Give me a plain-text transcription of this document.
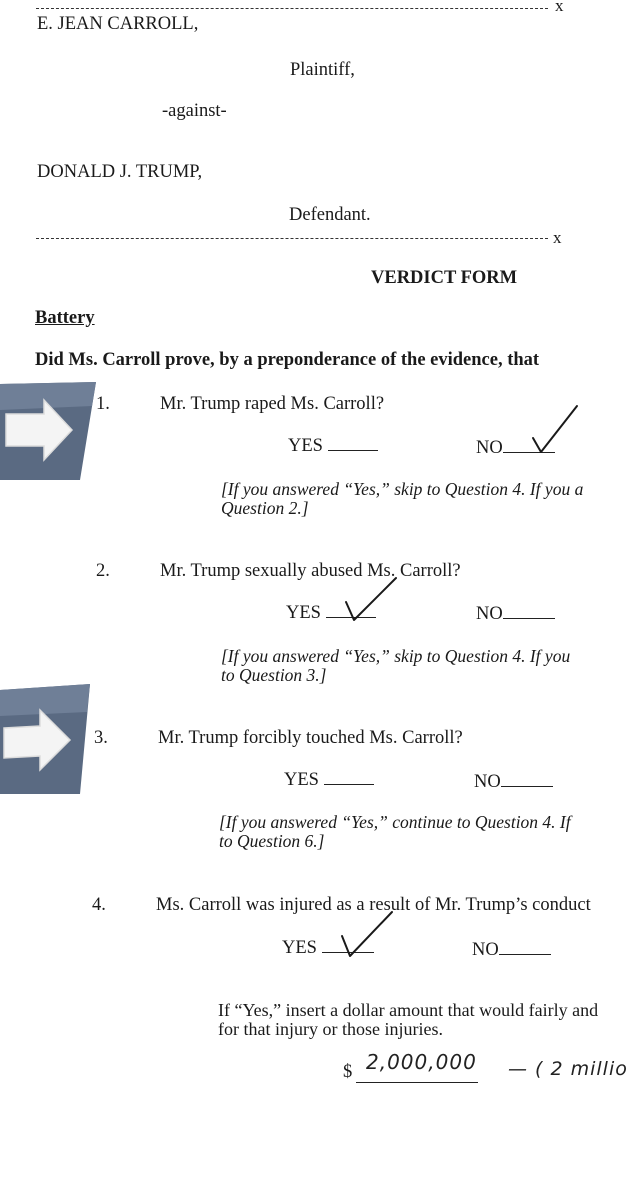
x
E. JEAN CARROLL,
Plaintiff,
-against-
DONALD J. TRUMP,
Defendant.
x
VERDICT FORM
Battery
Did Ms. Carroll prove, by a preponderance of the evidence, that
1.	Mr. Trump raped Ms. Carroll?
YES	NO
[If you answered “Yes,” skip to Question 4. If you a
Question 2.]
2.	Mr. Trump sexually abused Ms. Carroll?
YES	NO
[If you answered “Yes,” skip to Question 4. If you
to Question 3.]
3.	Mr. Trump forcibly touched Ms. Carroll?
YES	NO
[If you answered “Yes,” continue to Question 4. If
to Question 6.]
4.	Ms. Carroll was injured as a result of Mr. Trump’s conduct
YES	NO
If “Yes,” insert a dollar amount that would fairly and
for that injury or those injuries.
$ 2,000,000 — ( 2 millio
